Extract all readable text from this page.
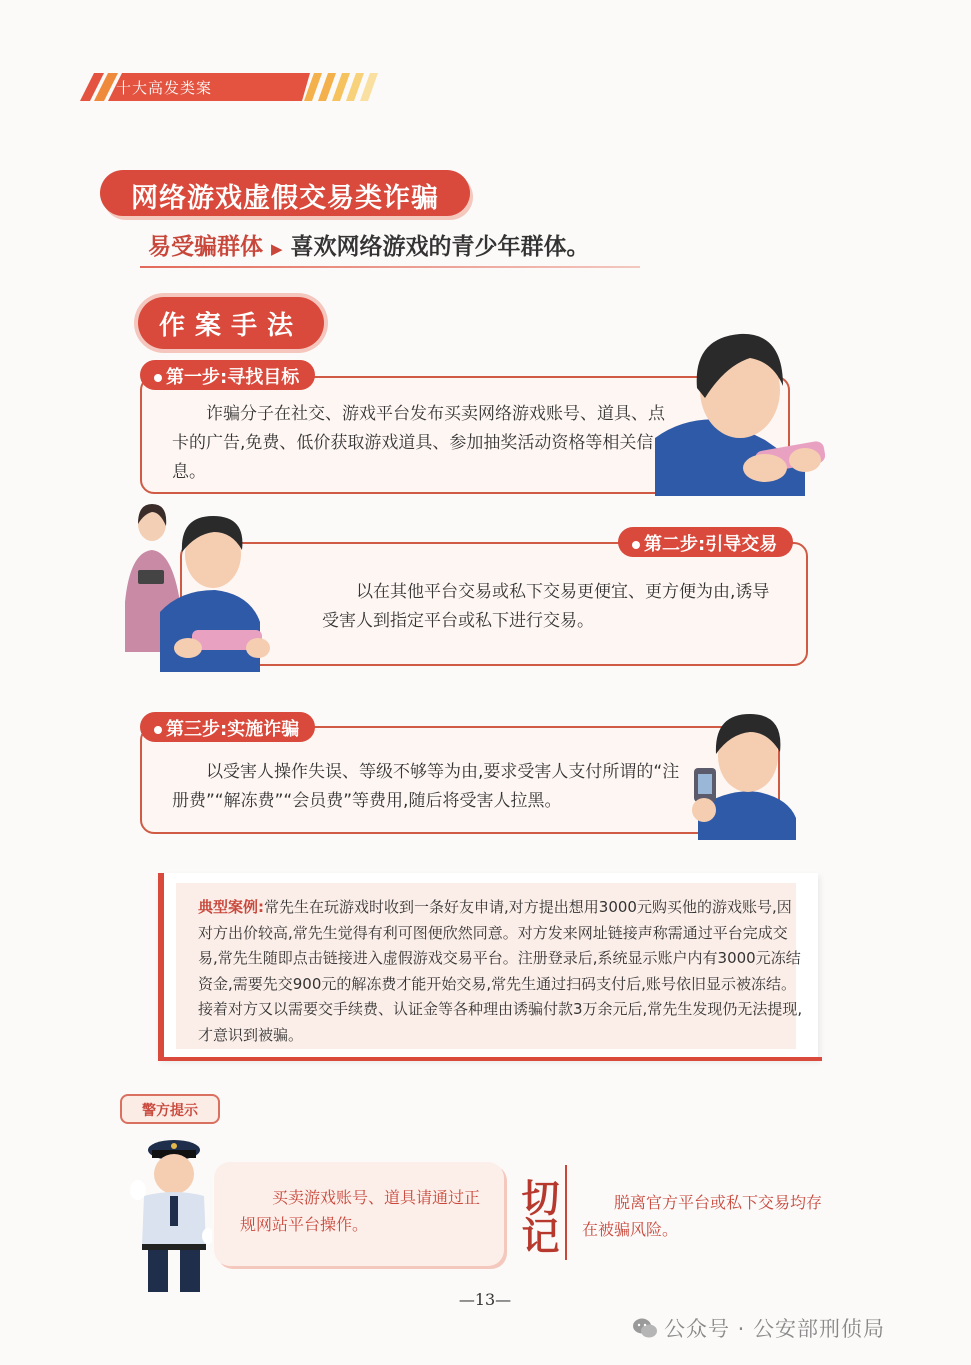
十大高发类案
网络游戏虚假交易类诈骗
易受骗群体 ▶ 喜欢网络游戏的青少年群体。
作案手法
诈骗分子在社交、游戏平台发布买卖网络游戏账号、道具、点卡的广告,免费、低价获取游戏道具、参加抽奖活动资格等相关信息。
第一步:寻找目标
以在其他平台交易或私下交易更便宜、更方便为由,诱导受害人到指定平台或私下进行交易。
第二步:引导交易
以受害人操作失误、等级不够等为由,要求受害人支付所谓的“注册费”“解冻费”“会员费”等费用,随后将受害人拉黑。
第三步:实施诈骗

典型案例:常先生在玩游戏时收到一条好友申请,对方提出想用3000元购买他的游戏账号,因对方出价较高,常先生觉得有利可图便欣然同意。对方发来网址链接声称需通过平台完成交易,常先生随即点击链接进入虚假游戏交易平台。注册登录后,系统显示账户内有3000元冻结资金,需要先交900元的解冻费才能开始交易,常先生通过扫码支付后,账号依旧显示被冻结。接着对方又以需要交手续费、认证金等各种理由诱骗付款3万余元后,常先生发现仍无法提现,才意识到被骗。

警方提示

买卖游戏账号、道具请通过正规网站平台操作。	切记	脱离官方平台或私下交易均存在被骗风险。

—13—
公众号 · 公安部刑侦局
